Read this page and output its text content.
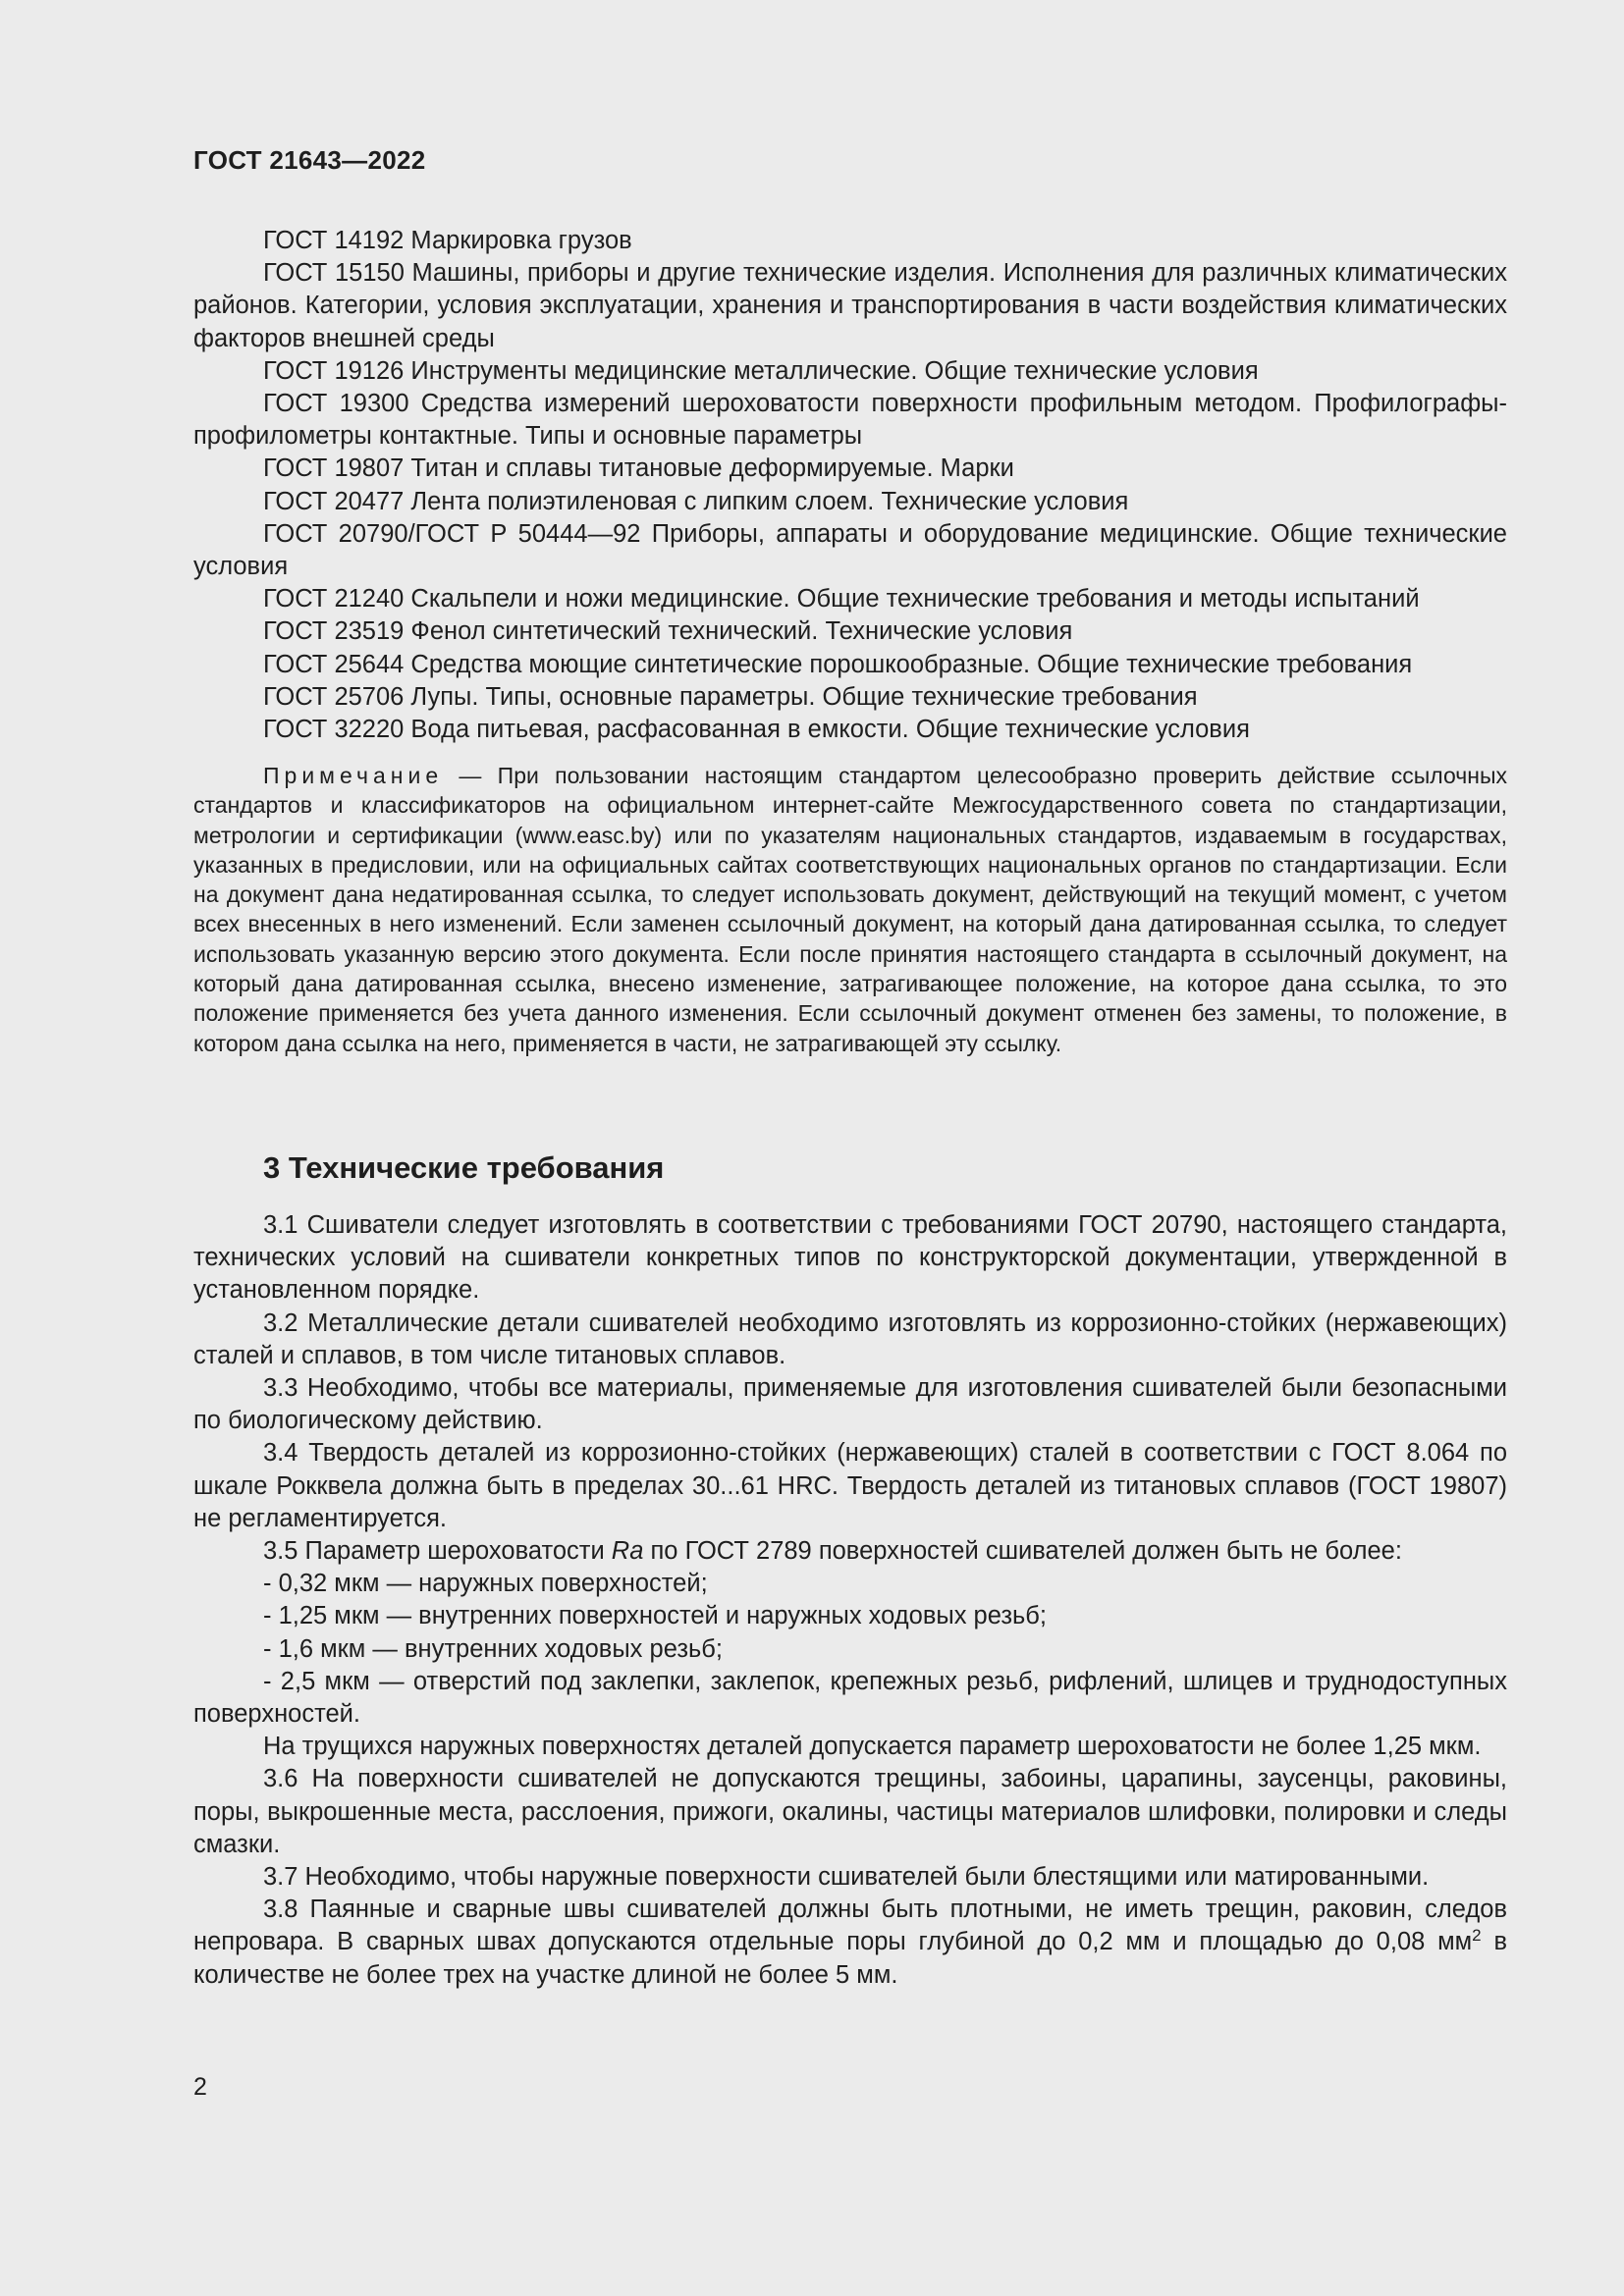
ГОСТ 21643—2022

ГОСТ 14192 Маркировка грузов

ГОСТ 15150 Машины, приборы и другие технические изделия. Исполнения для различных климатических районов. Категории, условия эксплуатации, хранения и транспортирования в части воздействия климатических факторов внешней среды

ГОСТ 19126 Инструменты медицинские металлические. Общие технические условия

ГОСТ 19300 Средства измерений шероховатости поверхности профильным методом. Профилографы-профилометры контактные. Типы и основные параметры

ГОСТ 19807 Титан и сплавы титановые деформируемые. Марки

ГОСТ 20477 Лента полиэтиленовая с липким слоем. Технические условия

ГОСТ 20790/ГОСТ Р 50444—92 Приборы, аппараты и оборудование медицинские. Общие технические условия

ГОСТ 21240 Скальпели и ножи медицинские. Общие технические требования и методы испытаний

ГОСТ 23519 Фенол синтетический технический. Технические условия

ГОСТ 25644 Средства моющие синтетические порошкообразные. Общие технические требования

ГОСТ 25706 Лупы. Типы, основные параметры. Общие технические требования

ГОСТ 32220 Вода питьевая, расфасованная в емкости. Общие технические условия

Примечание — При пользовании настоящим стандартом целесообразно проверить действие ссылочных стандартов и классификаторов на официальном интернет-сайте Межгосударственного совета по стандартизации, метрологии и сертификации (www.easc.by) или по указателям национальных стандартов, издаваемым в государствах, указанных в предисловии, или на официальных сайтах соответствующих национальных органов по стандартизации. Если на документ дана недатированная ссылка, то следует использовать документ, действующий на текущий момент, с учетом всех внесенных в него изменений. Если заменен ссылочный документ, на который дана датированная ссылка, то следует использовать указанную версию этого документа. Если после принятия настоящего стандарта в ссылочный документ, на который дана датированная ссылка, внесено изменение, затрагивающее положение, на которое дана ссылка, то это положение применяется без учета данного изменения. Если ссылочный документ отменен без замены, то положение, в котором дана ссылка на него, применяется в части, не затрагивающей эту ссылку.

3 Технические требования

3.1 Сшиватели следует изготовлять в соответствии с требованиями ГОСТ 20790, настоящего стандарта, технических условий на сшиватели конкретных типов по конструкторской документации, утвержденной в установленном порядке.

3.2 Металлические детали сшивателей необходимо изготовлять из коррозионно-стойких (нержавеющих) сталей и сплавов, в том числе титановых сплавов.

3.3 Необходимо, чтобы все материалы, применяемые для изготовления сшивателей были безопасными по биологическому действию.

3.4 Твердость деталей из коррозионно-стойких (нержавеющих) сталей в соответствии с ГОСТ 8.064 по шкале Рокквела должна быть в пределах 30...61 HRC. Твердость деталей из титановых сплавов (ГОСТ 19807) не регламентируется.

3.5 Параметр шероховатости Ra по ГОСТ 2789 поверхностей сшивателей должен быть не более:

- 0,32 мкм — наружных поверхностей;

- 1,25 мкм — внутренних поверхностей и наружных ходовых резьб;

- 1,6 мкм — внутренних ходовых резьб;

- 2,5 мкм — отверстий под заклепки, заклепок, крепежных резьб, рифлений, шлицев и труднодоступных поверхностей.

На трущихся наружных поверхностях деталей допускается параметр шероховатости не более 1,25 мкм.

3.6 На поверхности сшивателей не допускаются трещины, забоины, царапины, заусенцы, раковины, поры, выкрошенные места, расслоения, прижоги, окалины, частицы материалов шлифовки, полировки и следы смазки.

3.7 Необходимо, чтобы наружные поверхности сшивателей были блестящими или матированными.

3.8 Паянные и сварные швы сшивателей должны быть плотными, не иметь трещин, раковин, следов непровара. В сварных швах допускаются отдельные поры глубиной до 0,2 мм и площадью до 0,08 $мм^2$ в количестве не более трех на участке длиной не более 5 мм.

2
